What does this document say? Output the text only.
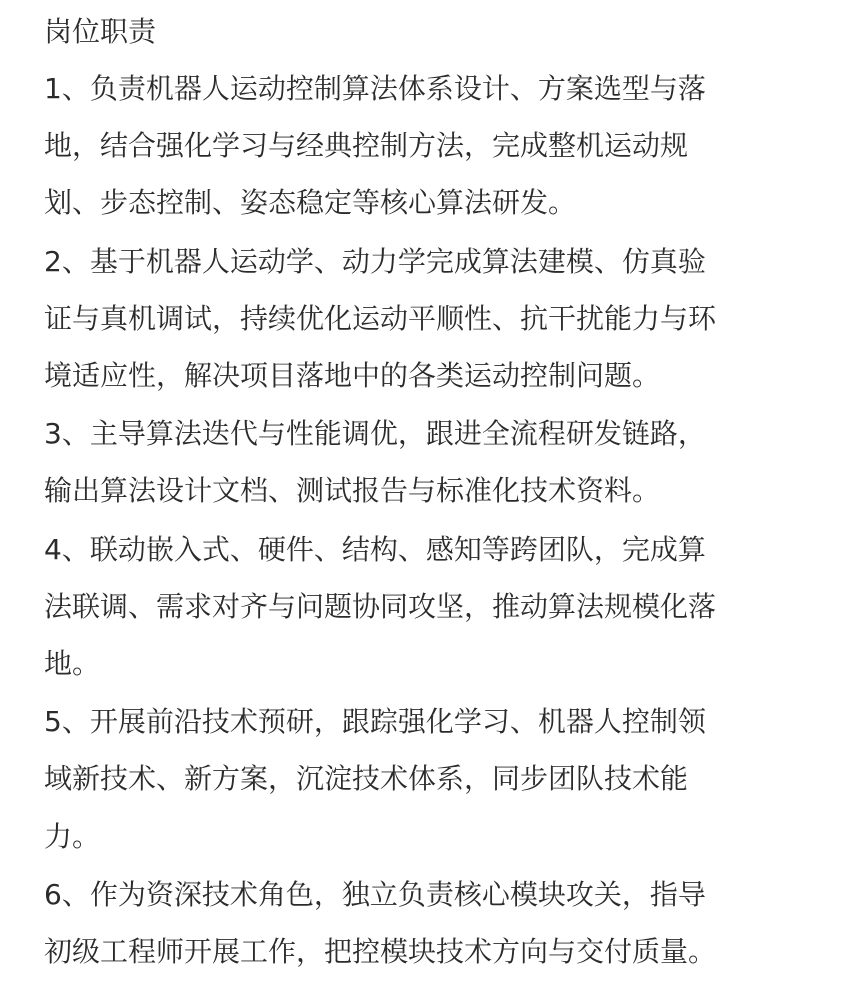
岗位职责
1、负责机器人运动控制算法体系设计、方案选型与落
地，结合强化学习与经典控制方法，完成整机运动规
划、步态控制、姿态稳定等核心算法研发。
2、基于机器人运动学、动力学完成算法建模、仿真验
证与真机调试，持续优化运动平顺性、抗干扰能力与环
境适应性，解决项目落地中的各类运动控制问题。
3、主导算法迭代与性能调优，跟进全流程研发链路，
输出算法设计文档、测试报告与标准化技术资料。
4、联动嵌入式、硬件、结构、感知等跨团队，完成算
法联调、需求对齐与问题协同攻坚，推动算法规模化落
地。
5、开展前沿技术预研，跟踪强化学习、机器人控制领
域新技术、新方案，沉淀技术体系，同步团队技术能
力。
6、作为资深技术角色，独立负责核心模块攻关，指导
初级工程师开展工作，把控模块技术方向与交付质量。
